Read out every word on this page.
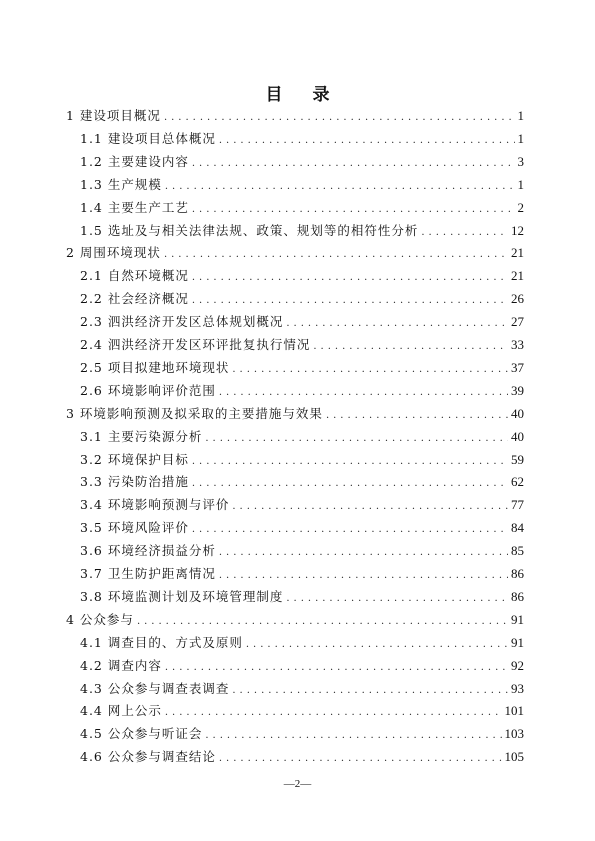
目 录
1 建设项目概况 .....	1
1.1 建设项目总体概况 .....	1
1.2 主要建设内容 .....	3
1.3 生产规模 .....	1
1.4 主要生产工艺 .....	2
1.5 选址及与相关法律法规、政策、规划等的相符性分析 .....	12
2 周围环境现状 .....	21
2.1 自然环境概况 .....	21
2.2 社会经济概况 .....	26
2.3 泗洪经济开发区总体规划概况 .....	27
2.4 泗洪经济开发区环评批复执行情况 .....	33
2.5 项目拟建地环境现状 .....	37
2.6 环境影响评价范围 .....	39
3 环境影响预测及拟采取的主要措施与效果 .....	40
3.1 主要污染源分析 .....	40
3.2 环境保护目标 .....	59
3.3 污染防治措施 .....	62
3.4 环境影响预测与评价 .....	77
3.5 环境风险评价 .....	84
3.6 环境经济损益分析 .....	85
3.7 卫生防护距离情况 .....	86
3.8 环境监测计划及环境管理制度 .....	86
4 公众参与 .....	91
4.1 调查目的、方式及原则 .....	91
4.2 调查内容 .....	92
4.3 公众参与调查表调查 .....	93
4.4 网上公示 .....	101
4.5 公众参与听证会 .....	103
4.6 公众参与调查结论 .....	105
—2—
